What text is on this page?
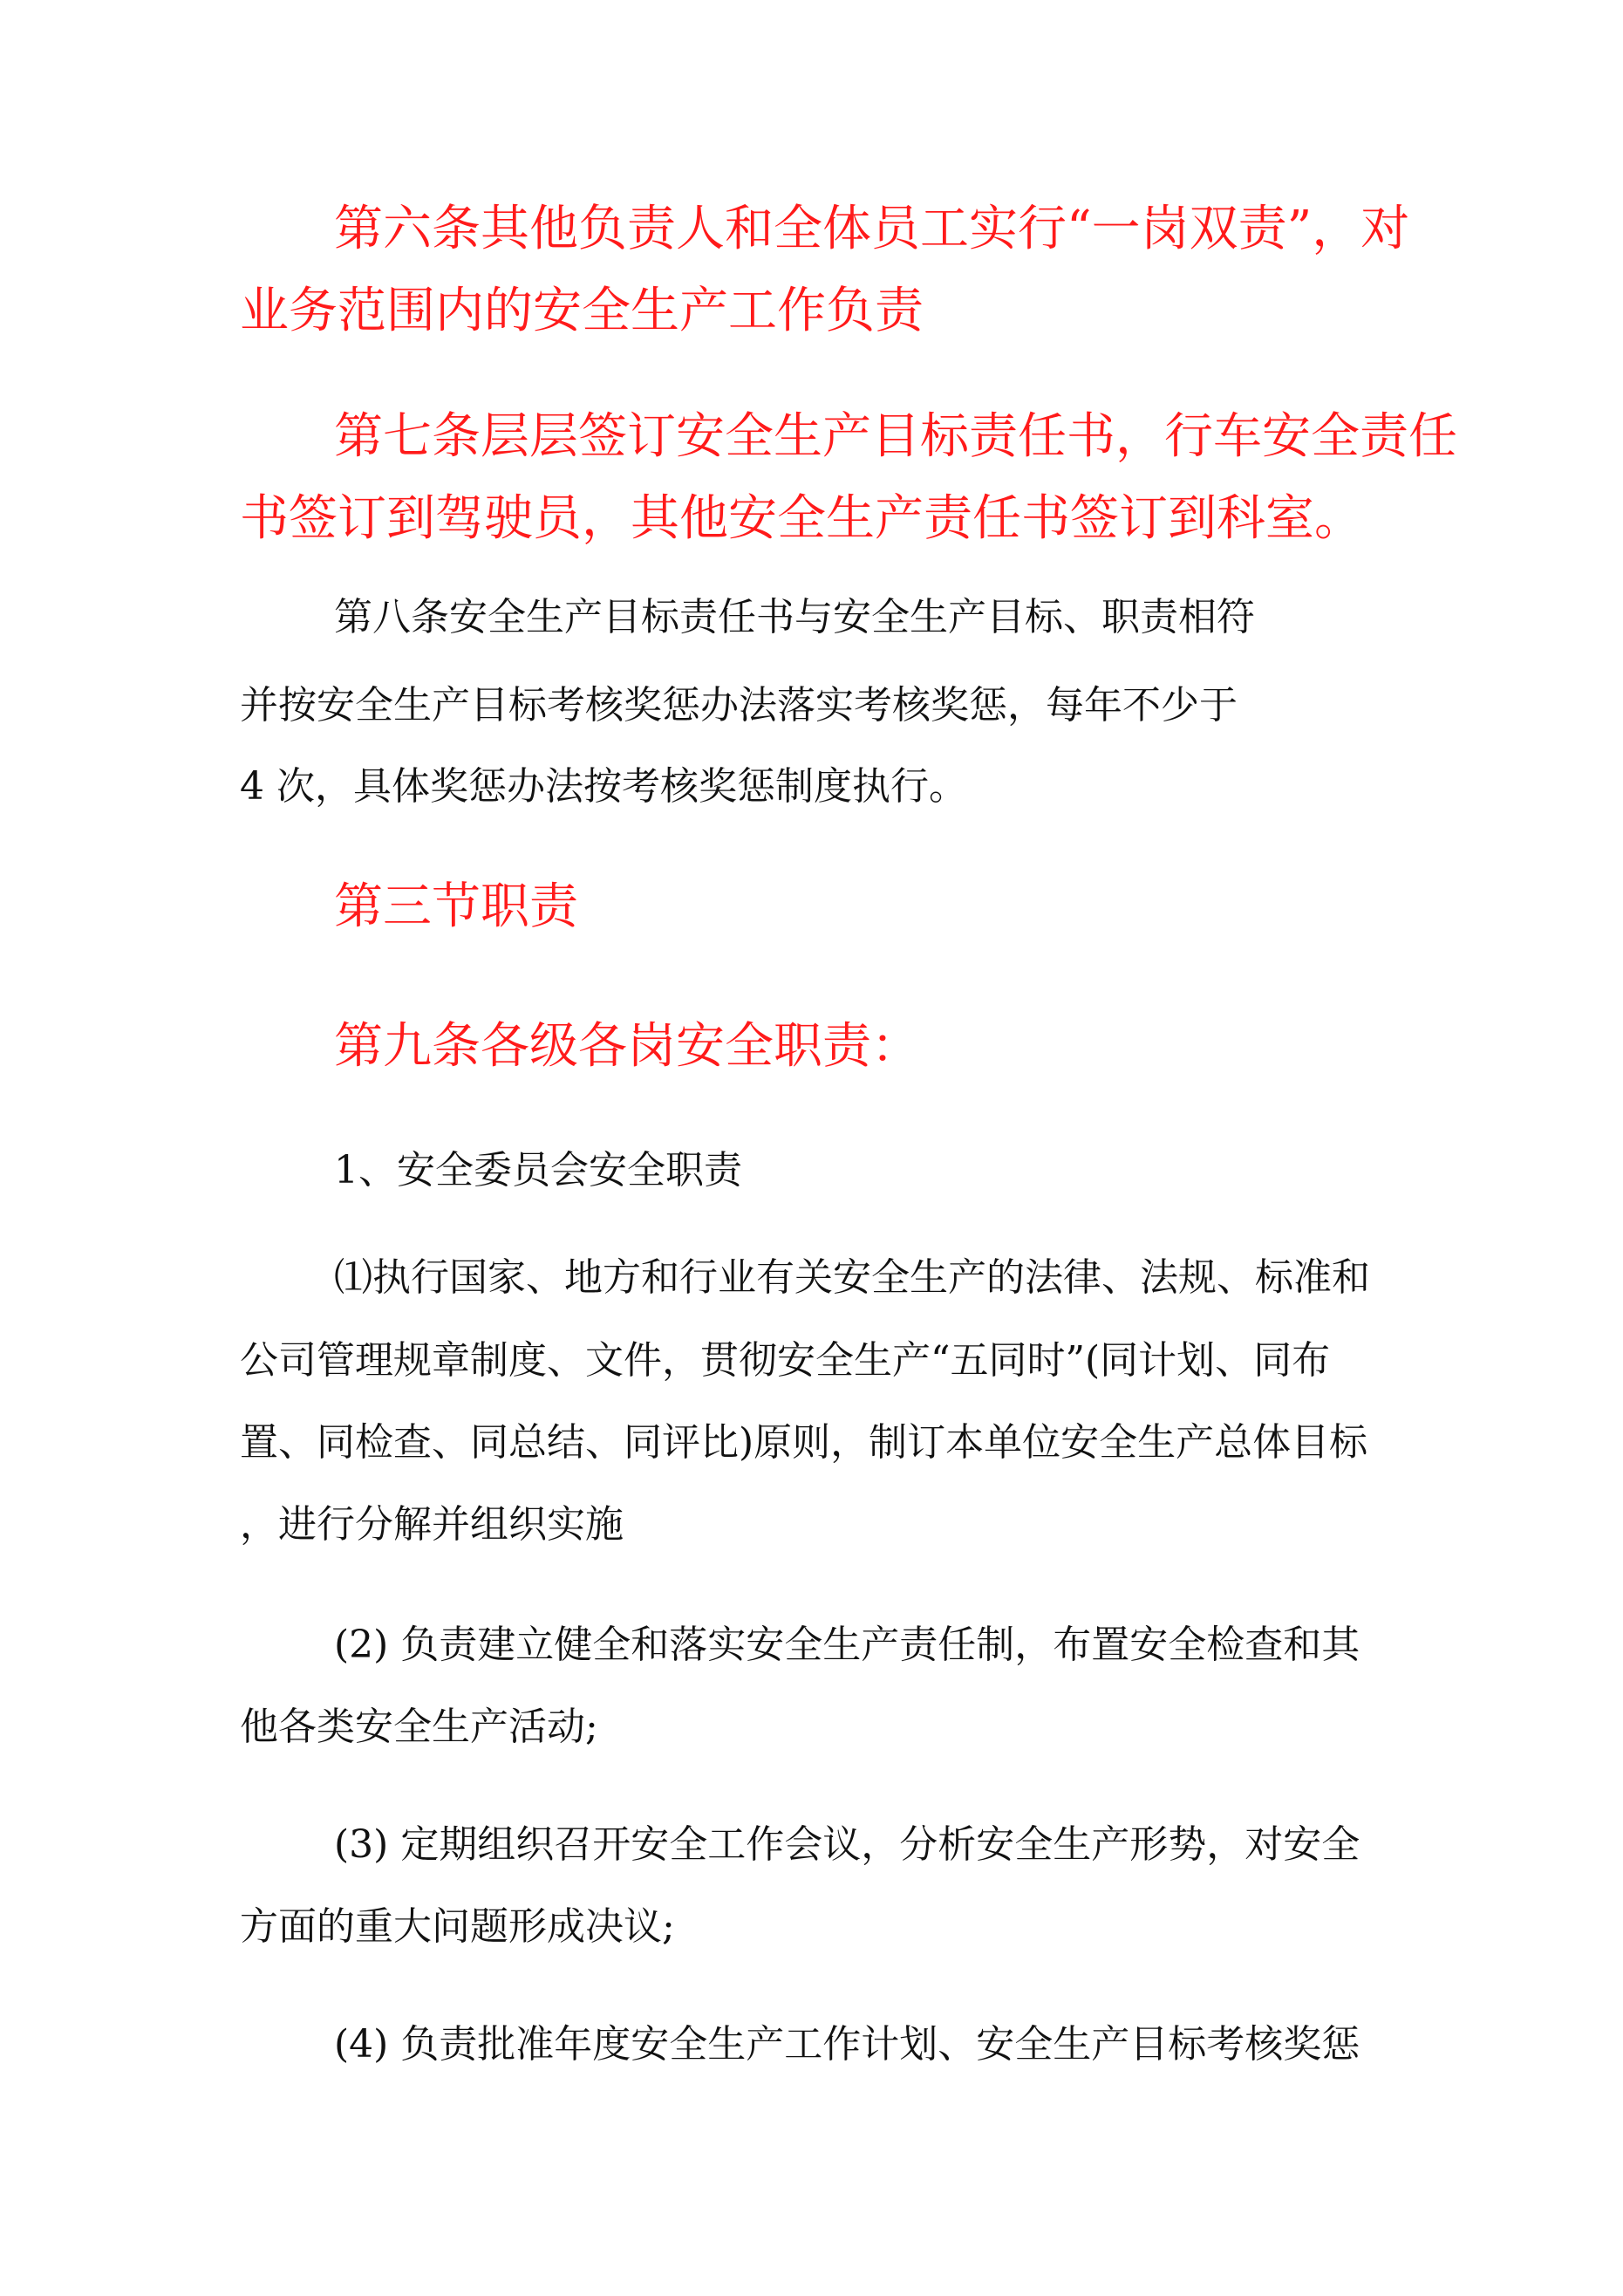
第六条其他负责人和全体员工实行“一岗双责”，对

业务范围内的安全生产工作负责

第七条层层签订安全生产目标责任书，行车安全责任

书签订到驾驶员，其他安全生产责任书签订到科室。

第八条安全生产目标责任书与安全生产目标、职责相符

并按安全生产目标考核奖惩办法落实考核奖惩，每年不少于

4 次，具体奖惩办法按考核奖惩制度执行。

第三节职责

第九条各级各岗安全职责：

1、安全委员会安全职责

⑴执行国家、地方和行业有关安全生产的法律、法规、标准和

公司管理规章制度、文件，贯彻安全生产“五同时”(同计划、同布

置、同检查、同总结、同评比)原则，制订本单位安全生产总体目标

，进行分解并组织实施

(2) 负责建立健全和落实安全生产责任制，布置安全检查和其

他各类安全生产活动;

(3) 定期组织召开安全工作会议，分析安全生产形势，对安全

方面的重大问题形成决议;

(4) 负责批准年度安全生产工作计划、安全生产目标考核奖惩
